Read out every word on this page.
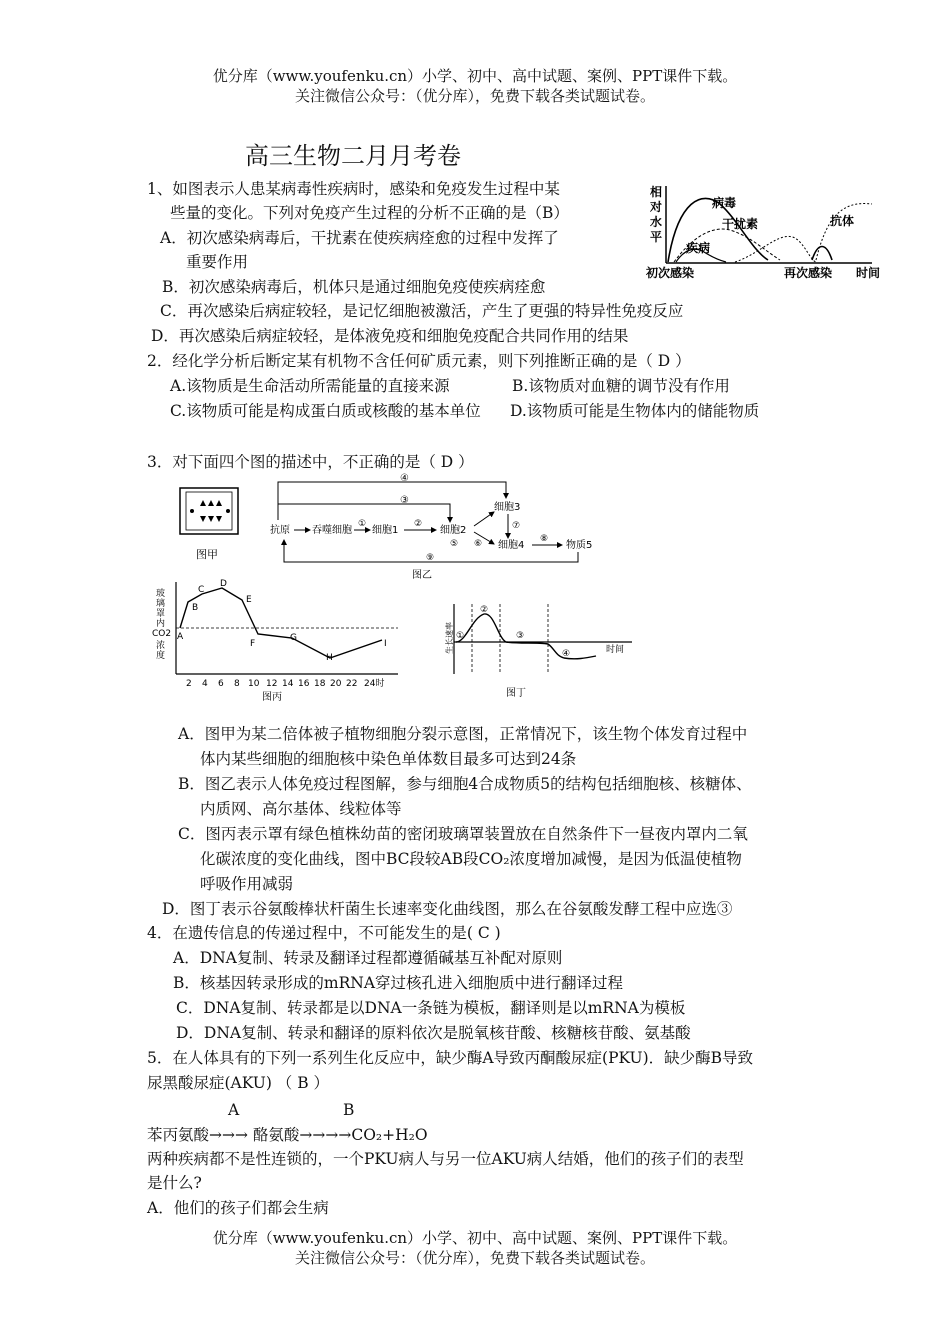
优分库（www.youfenku.cn）小学、初中、高中试题、案例、PPT课件下载。
关注微信公众号：（优分库），免费下载各类试题试卷。
高三生物二月月考卷
1、如图表示人患某病毒性疾病时，感染和免疫发生过程中某
些量的变化。下列对免疫产生过程的分析不正确的是（B）
A．初次感染病毒后，干扰素在使疾病痊愈的过程中发挥了
重要作用
B．初次感染病毒后，机体只是通过细胞免疫使疾病痊愈
C．再次感染后病症较轻，是记忆细胞被激活，产生了更强的特异性免疫反应
D．再次感染后病症较轻，是体液免疫和细胞免疫配合共同作用的结果
相
对
水
平
病毒
干扰素
疾病
抗体
初次感染	再次感染 时间
2．经化学分析后断定某有机物不含任何矿质元素，则下列推断正确的是（ D ）
A.该物质是生命活动所需能量的直接来源	B.该物质对血糖的调节没有作用
C.该物质可能是构成蛋白质或核酸的基本单位 D.该物质可能是生物体内的储能物质
3．对下面四个图的描述中，不正确的是（ D ）
图甲
④
③
抗原 吞噬细胞
①
细胞1
②
细胞2
⑥
细胞3
⑦
细胞4
⑧
物质5
⑨
⑤
图乙
玻
璃
罩
内
CO2
浓
度
A
B
C
D
E
F
G
H
I
2 4 6 8 10 12 14 16 18 20 22 24时
图丙
生长速率 ①
②
③
④	时间
图丁
A．图甲为某二倍体被子植物细胞分裂示意图，正常情况下，该生物个体发育过程中
体内某些细胞的细胞核中染色单体数目最多可达到24条
B．图乙表示人体免疫过程图解，参与细胞4合成物质5的结构包括细胞核、核糖体、
内质网、高尔基体、线粒体等
C．图丙表示罩有绿色植株幼苗的密闭玻璃罩装置放在自然条件下一昼夜内罩内二氧
化碳浓度的变化曲线，图中BC段较AB段CO₂浓度增加减慢，是因为低温使植物
呼吸作用减弱
D．图丁表示谷氨酸棒状杆菌生长速率变化曲线图，那么在谷氨酸发酵工程中应选③
4．在遗传信息的传递过程中，不可能发生的是( C )
A．DNA复制、转录及翻译过程都遵循碱基互补配对原则
B．核基因转录形成的mRNA穿过核孔进入细胞质中进行翻译过程
C．DNA复制、转录都是以DNA一条链为模板，翻译则是以mRNA为模板
D．DNA复制、转录和翻译的原料依次是脱氧核苷酸、核糖核苷酸、氨基酸
5．在人体具有的下列一系列生化反应中，缺少酶A导致丙酮酸尿症(PKU)．缺少酶B导致
尿黑酸尿症(AKU) （ B ）
A	B
苯丙氨酸→→→ 酪氨酸→→→→CO₂+H₂O
两种疾病都不是性连锁的，一个PKU病人与另一位AKU病人结婚，他们的孩子们的表型
是什么?
A．他们的孩子们都会生病
优分库（www.youfenku.cn）小学、初中、高中试题、案例、PPT课件下载。
关注微信公众号：（优分库），免费下载各类试题试卷。
